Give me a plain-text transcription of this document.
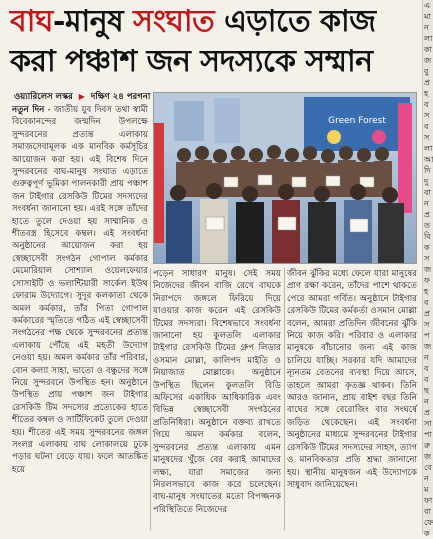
বাঘ-মানুষ সংঘাত এড়াতে কাজ
করা পঞ্চাশ জন সদস্যকে সম্মান
ওয়্যারিলেস লস্কর ▶ দক্ষিণ ২৪ পরগনা

নতুন দিন - জাতীয় যুব দিবস তথা স্বামী বিবেকানন্দের জন্মদিন উপলক্ষে সুন্দরবনের প্রত্যন্ত এলাকায় সমাজসেবামূলক এক মানবিক কর্মসূচির আয়োজন করা হয়। এই বিশেষ দিনে সুন্দরবনের বাঘ-মানুষ সংঘাত এড়াতে গুরুত্বপূর্ণ ভূমিকা পালনকারী প্রায় পঞ্চাশ জন টাইগার রেসকিউ টিমের সদস্যদের সংবর্ধনা জানানো হয়। এরই সঙ্গে তাঁদের হাতে তুলে দেওয়া হয় সাম্মানিক ও শীতবস্ত্র হিসেবে কম্বল। এই সংবর্ধনা অনুষ্ঠানের আয়োজন করা হয় স্বেচ্ছাসেবী সংগঠন গোপাল কর্মকার মেমোরিয়াল সোশ্যাল ওয়েলফেয়ার সোসাইটি ও ভলান্টিয়ারী সার্কেল ইউথ ফোরাম উদ্যোগে। সুদূর কলকাতা থেকে অমল কর্মকার, তাঁর পিতা গোপাল কর্মকারের স্মৃতিতে গঠিত এই স্বেচ্ছাসেবী সংগঠনের পক্ষ থেকে সুন্দরবনের প্রত্যন্ত এলাকায় পৌঁছে এই মহতী উদ্যোগ নেওয়া হয়। অমল কর্মকার তাঁর পরিবার, বোন কল্যা সাহা, ভাতো ও বন্ধুদের সঙ্গে নিয়ে সুন্দরবনে উপস্থিত হন। অনুষ্ঠানে উপস্থিত প্রায় পঞ্চাশ জন টাইগার রেসকিউ টিম সদস্যের প্রত্যেকের হাতে শীতের কম্বল ও সার্টিফিকেট তুলে দেওয়া হয়। শীতের এই সময় সুন্দরবনের জঙ্গল সংলগ্ন এলাকায় বাঘ লোকালয়ে ঢুকে পড়ার ঘটনা বেড়ে যায়। ফলে আতঙ্কিত হয়ে

Green Forest

পড়েন সাধারণ মানুষ। সেই সময় নিজেদের জীবন বাজি রেখে বাঘকে নিরাপদে জঙ্গলে ফিরিয়ে দিয়ে যাওয়ার কাজ করেন এই রেসকিউ টিমের সদস্যরা। বিশেষভাবে সংবর্ধনা জানানো হয় কুলতলি এলাকার টাইগার রেসকিউ টিমের গ্রুপ লিডার ওসমান মোল্লা, কালিপদ মাইতি ও নিয়াজাত মোল্লাকে। অনুষ্ঠানে উপস্থিত ছিলেন কুলতলি বিডি অফিসের একাধিক আধিকারিক এবং বিভিন্ন স্বেচ্ছাসেবী সংগঠনের প্রতিনিধিরা। অনুষ্ঠানে বক্তব্য রাখতে গিয়ে অমল কর্মকার বলেন, সুন্দরবনের প্রত্যন্ত এলাকায় এমন মানুষদের খুঁজে বের করাই আমাদের লক্ষ্য, যারা সমাজের জন্য নিরলসভাবে কাজ করে চলেছেন। বাঘ-মানুষ সংঘাতের মতো বিপজ্জনক পরিস্থিতিতে নিজেদের

জীবন ঝুঁকির মধ্যে ফেলে যারা মানুষের প্রাণ রক্ষা করেন, তাঁদের পাশে থাকতে পেরে আমরা গর্বিত। অনুষ্ঠানে টাইগার রেসকিউ টিমের কর্মকর্তা ওসমান মোল্লা বলেন, আমরা প্রতিদিন জীবনের ঝুঁকি নিয়ে কাজ করি। পরিবার ও এলাকার মানুষকে বাঁচানোর জন্য এই কাজ চালিয়ে যাচ্ছি। সরকার যদি আমাদের ন্যূনতম বেতনের ব্যবস্থা দিয়ে আসে, তাহলে আমরা কৃতজ্ঞ থাকব। তিনি আরও জানান, প্রায় বাইশ বছর তিনি বাঘের সঙ্গে বেরোজিং বার সংঘর্ষে জড়িত থেকেছেন। এই সংবর্ধনা অনুষ্ঠানের মাধ্যমে সুন্দরবনের টাইগার রেসকিউ টিমের সদস্যদের সাহস, ত্যাগ ও মানবিকতার প্রতি শ্রদ্ধা জানানো হয়। স্থানীয় মানুষজন এই উদ্যোগকে সাধুবাদ জানিয়েছেন।

এ
মা
ন
লা
কা
জ
বু
প্র
হ
ব
স
ব
স
লা
আ
দি
দু
বা
ন
প্র
ত
বি
ক
স
জ
ফ
হ
ব
প্র
স
প
জ
ন
ব
ব
ছ
ন
প্র
সা
পা
রু
জ
বে
ন
ম
ফা
বা
ফে
ক
